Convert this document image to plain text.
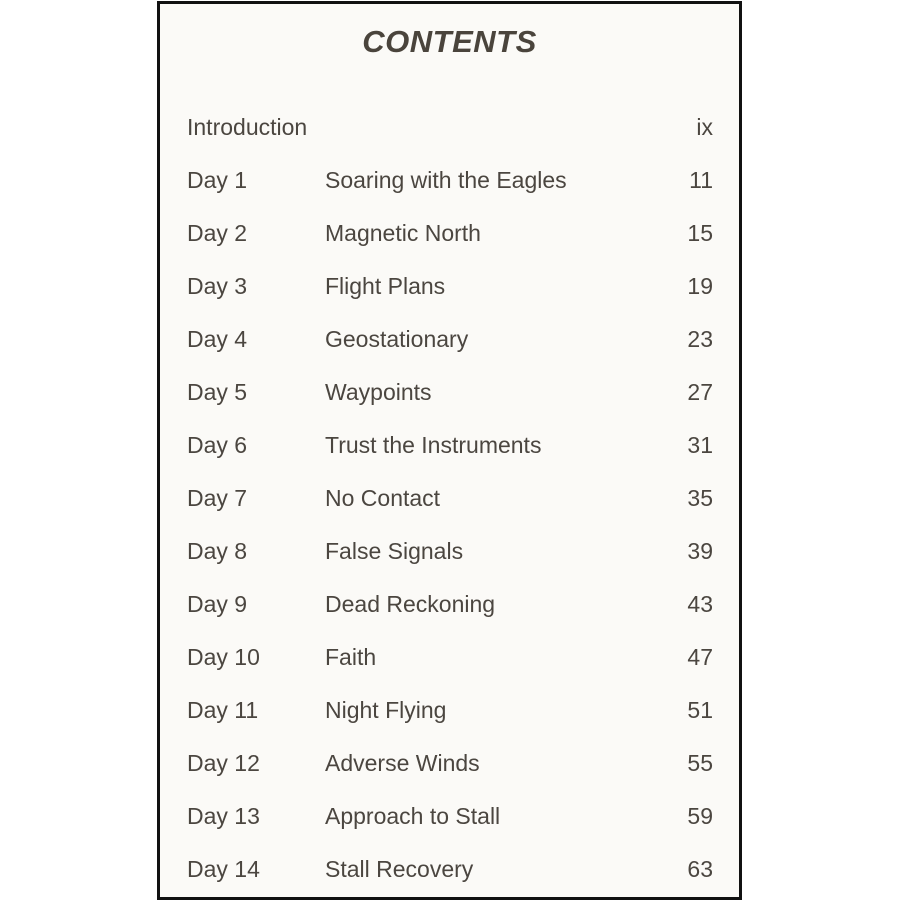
CONTENTS
Introduction	ix
Day 1	Soaring with the Eagles	11
Day 2	Magnetic North	15
Day 3	Flight Plans	19
Day 4	Geostationary	23
Day 5	Waypoints	27
Day 6	Trust the Instruments	31
Day 7	No Contact	35
Day 8	False Signals	39
Day 9	Dead Reckoning	43
Day 10	Faith	47
Day 11	Night Flying	51
Day 12	Adverse Winds	55
Day 13	Approach to Stall	59
Day 14	Stall Recovery	63
